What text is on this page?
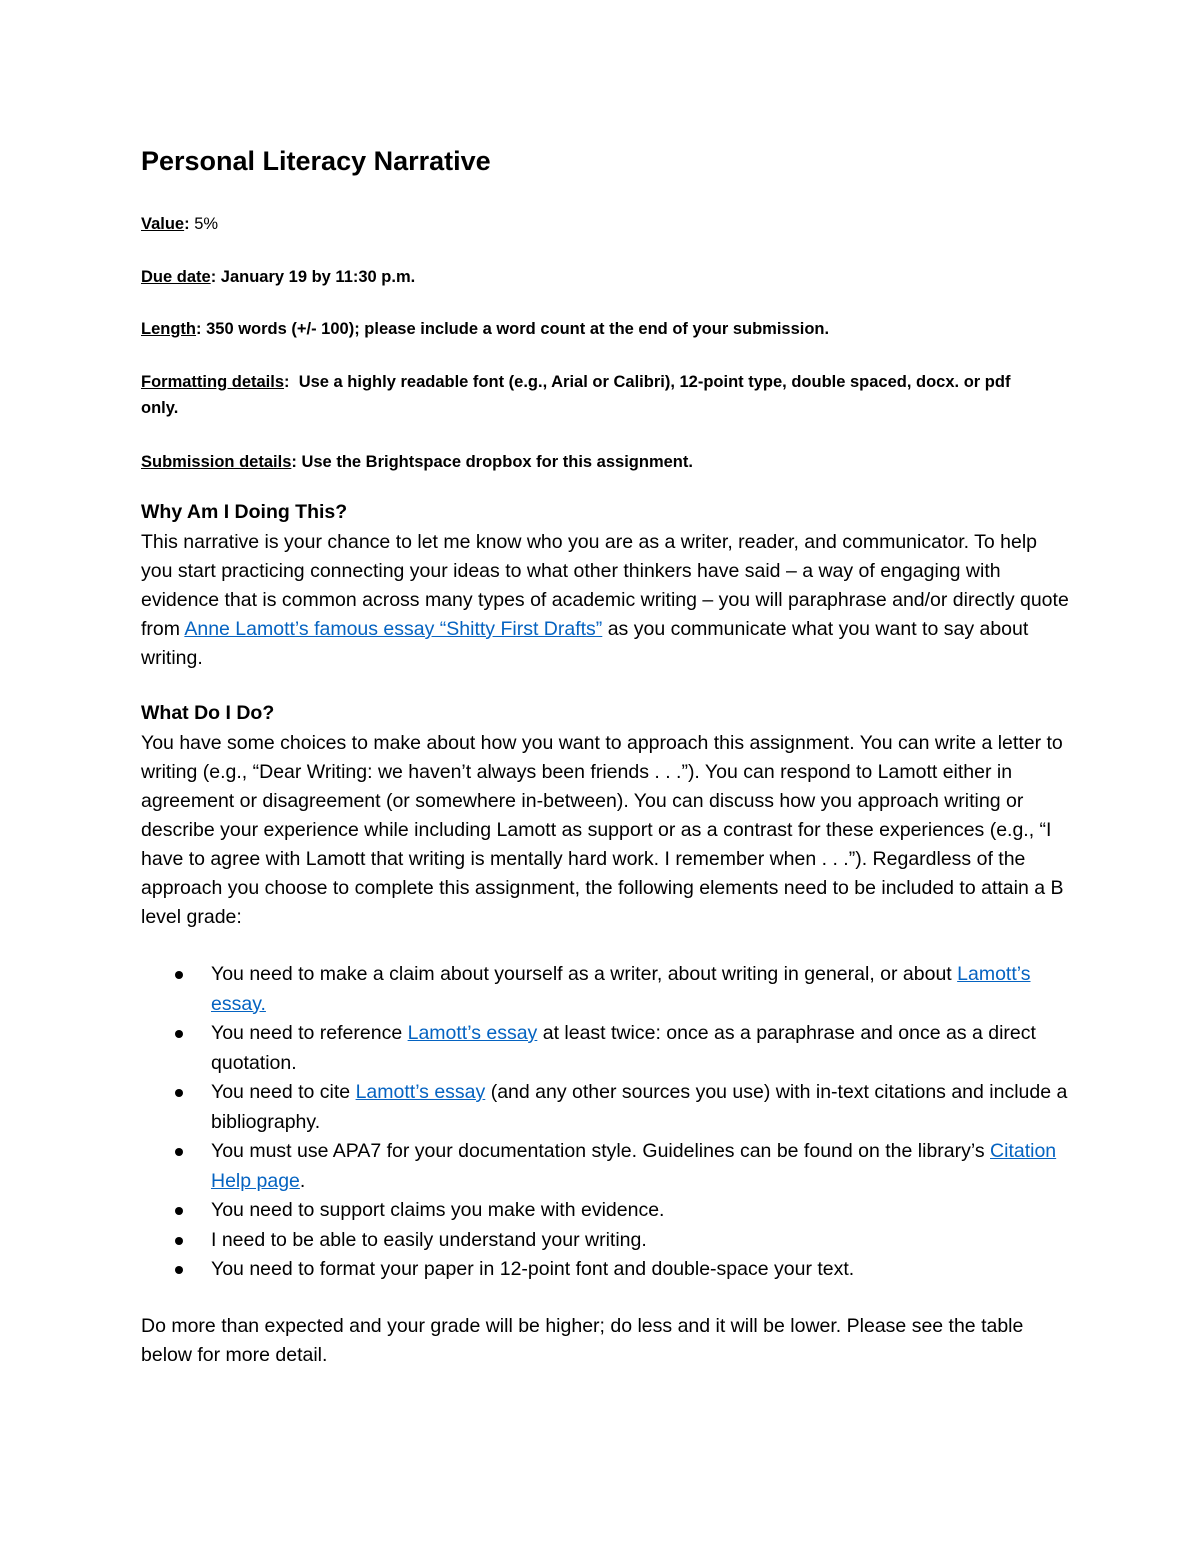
Personal Literacy Narrative

Value: 5%

Due date: January 19 by 11:30 p.m.

Length: 350 words (+/- 100); please include a word count at the end of your submission.

Formatting details:  Use a highly readable font (e.g., Arial or Calibri), 12-point type, double spaced, docx. or pdf only.

Submission details: Use the Brightspace dropbox for this assignment.

Why Am I Doing This?

This narrative is your chance to let me know who you are as a writer, reader, and communicator. To help you start practicing connecting your ideas to what other thinkers have said – a way of engaging with evidence that is common across many types of academic writing – you will paraphrase and/or directly quote from Anne Lamott’s famous essay “Shitty First Drafts” as you communicate what you want to say about writing.

What Do I Do?

You have some choices to make about how you want to approach this assignment. You can write a letter to writing (e.g., “Dear Writing: we haven’t always been friends . . .”). You can respond to Lamott either in agreement or disagreement (or somewhere in-between). You can discuss how you approach writing or describe your experience while including Lamott as support or as a contrast for these experiences (e.g., “I have to agree with Lamott that writing is mentally hard work. I remember when . . .”). Regardless of the approach you choose to complete this assignment, the following elements need to be included to attain a B level grade:

You need to make a claim about yourself as a writer, about writing in general, or about Lamott’s essay.
You need to reference Lamott’s essay at least twice: once as a paraphrase and once as a direct quotation.
You need to cite Lamott’s essay (and any other sources you use) with in-text citations and include a bibliography.
You must use APA7 for your documentation style. Guidelines can be found on the library’s Citation Help page.
You need to support claims you make with evidence.
I need to be able to easily understand your writing.
You need to format your paper in 12-point font and double-space your text.

Do more than expected and your grade will be higher; do less and it will be lower. Please see the table below for more detail.
